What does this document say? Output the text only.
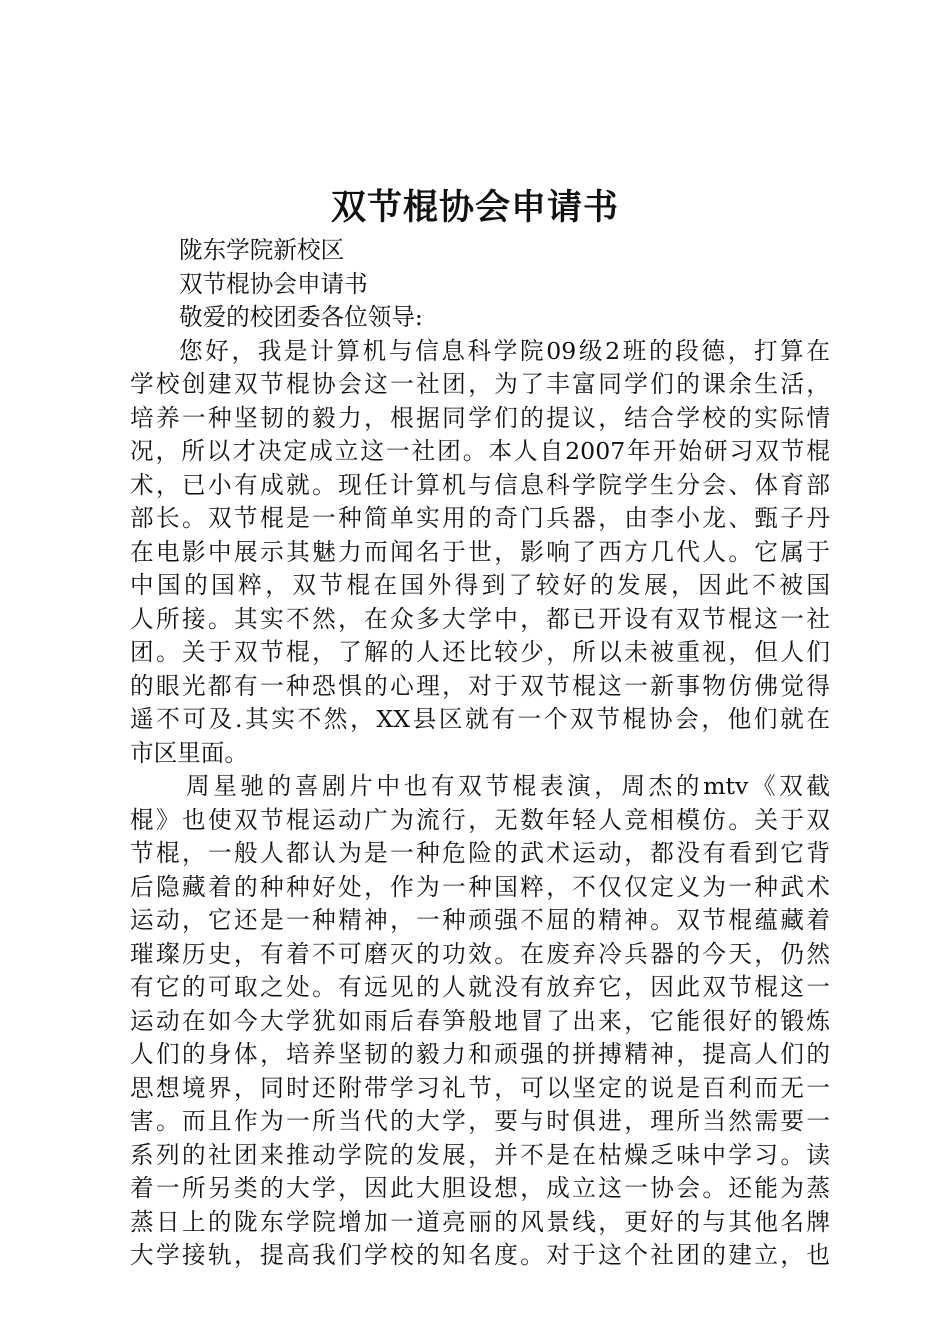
双节棍协会申请书
陇东学院新校区
双节棍协会申请书
敬爱的校团委各位领导:
您好，我是计算机与信息科学院09级2班的段德，打算在
学校创建双节棍协会这一社团，为了丰富同学们的课余生活，
培养一种坚韧的毅力，根据同学们的提议，结合学校的实际情
况，所以才决定成立这一社团。本人自2007年开始研习双节棍
术，已小有成就。现任计算机与信息科学院学生分会、体育部
部长。双节棍是一种简单实用的奇门兵器，由李小龙、甄子丹
在电影中展示其魅力而闻名于世，影响了西方几代人。它属于
中国的国粹，双节棍在国外得到了较好的发展，因此不被国
人所接。其实不然，在众多大学中，都已开设有双节棍这一社
团。关于双节棍，了解的人还比较少，所以未被重视，但人们
的眼光都有一种恐惧的心理，对于双节棍这一新事物仿佛觉得
遥不可及.其实不然，XX县区就有一个双节棍协会，他们就在
市区里面。
周星驰的喜剧片中也有双节棍表演，周杰的mtv《双截
棍》也使双节棍运动广为流行，无数年轻人竞相模仿。关于双
节棍，一般人都认为是一种危险的武术运动，都没有看到它背
后隐藏着的种种好处，作为一种国粹，不仅仅定义为一种武术
运动，它还是一种精神，一种顽强不屈的精神。双节棍蕴藏着
璀璨历史，有着不可磨灭的功效。在废弃冷兵器的今天，仍然
有它的可取之处。有远见的人就没有放弃它，因此双节棍这一
运动在如今大学犹如雨后春笋般地冒了出来，它能很好的锻炼
人们的身体，培养坚韧的毅力和顽强的拼搏精神，提高人们的
思想境界，同时还附带学习礼节，可以坚定的说是百利而无一
害。而且作为一所当代的大学，要与时俱进，理所当然需要一
系列的社团来推动学院的发展，并不是在枯燥乏味中学习。读
着一所另类的大学，因此大胆设想，成立这一协会。还能为蒸
蒸日上的陇东学院增加一道亮丽的风景线，更好的与其他名牌
大学接轨，提高我们学校的知名度。对于这个社团的建立，也
